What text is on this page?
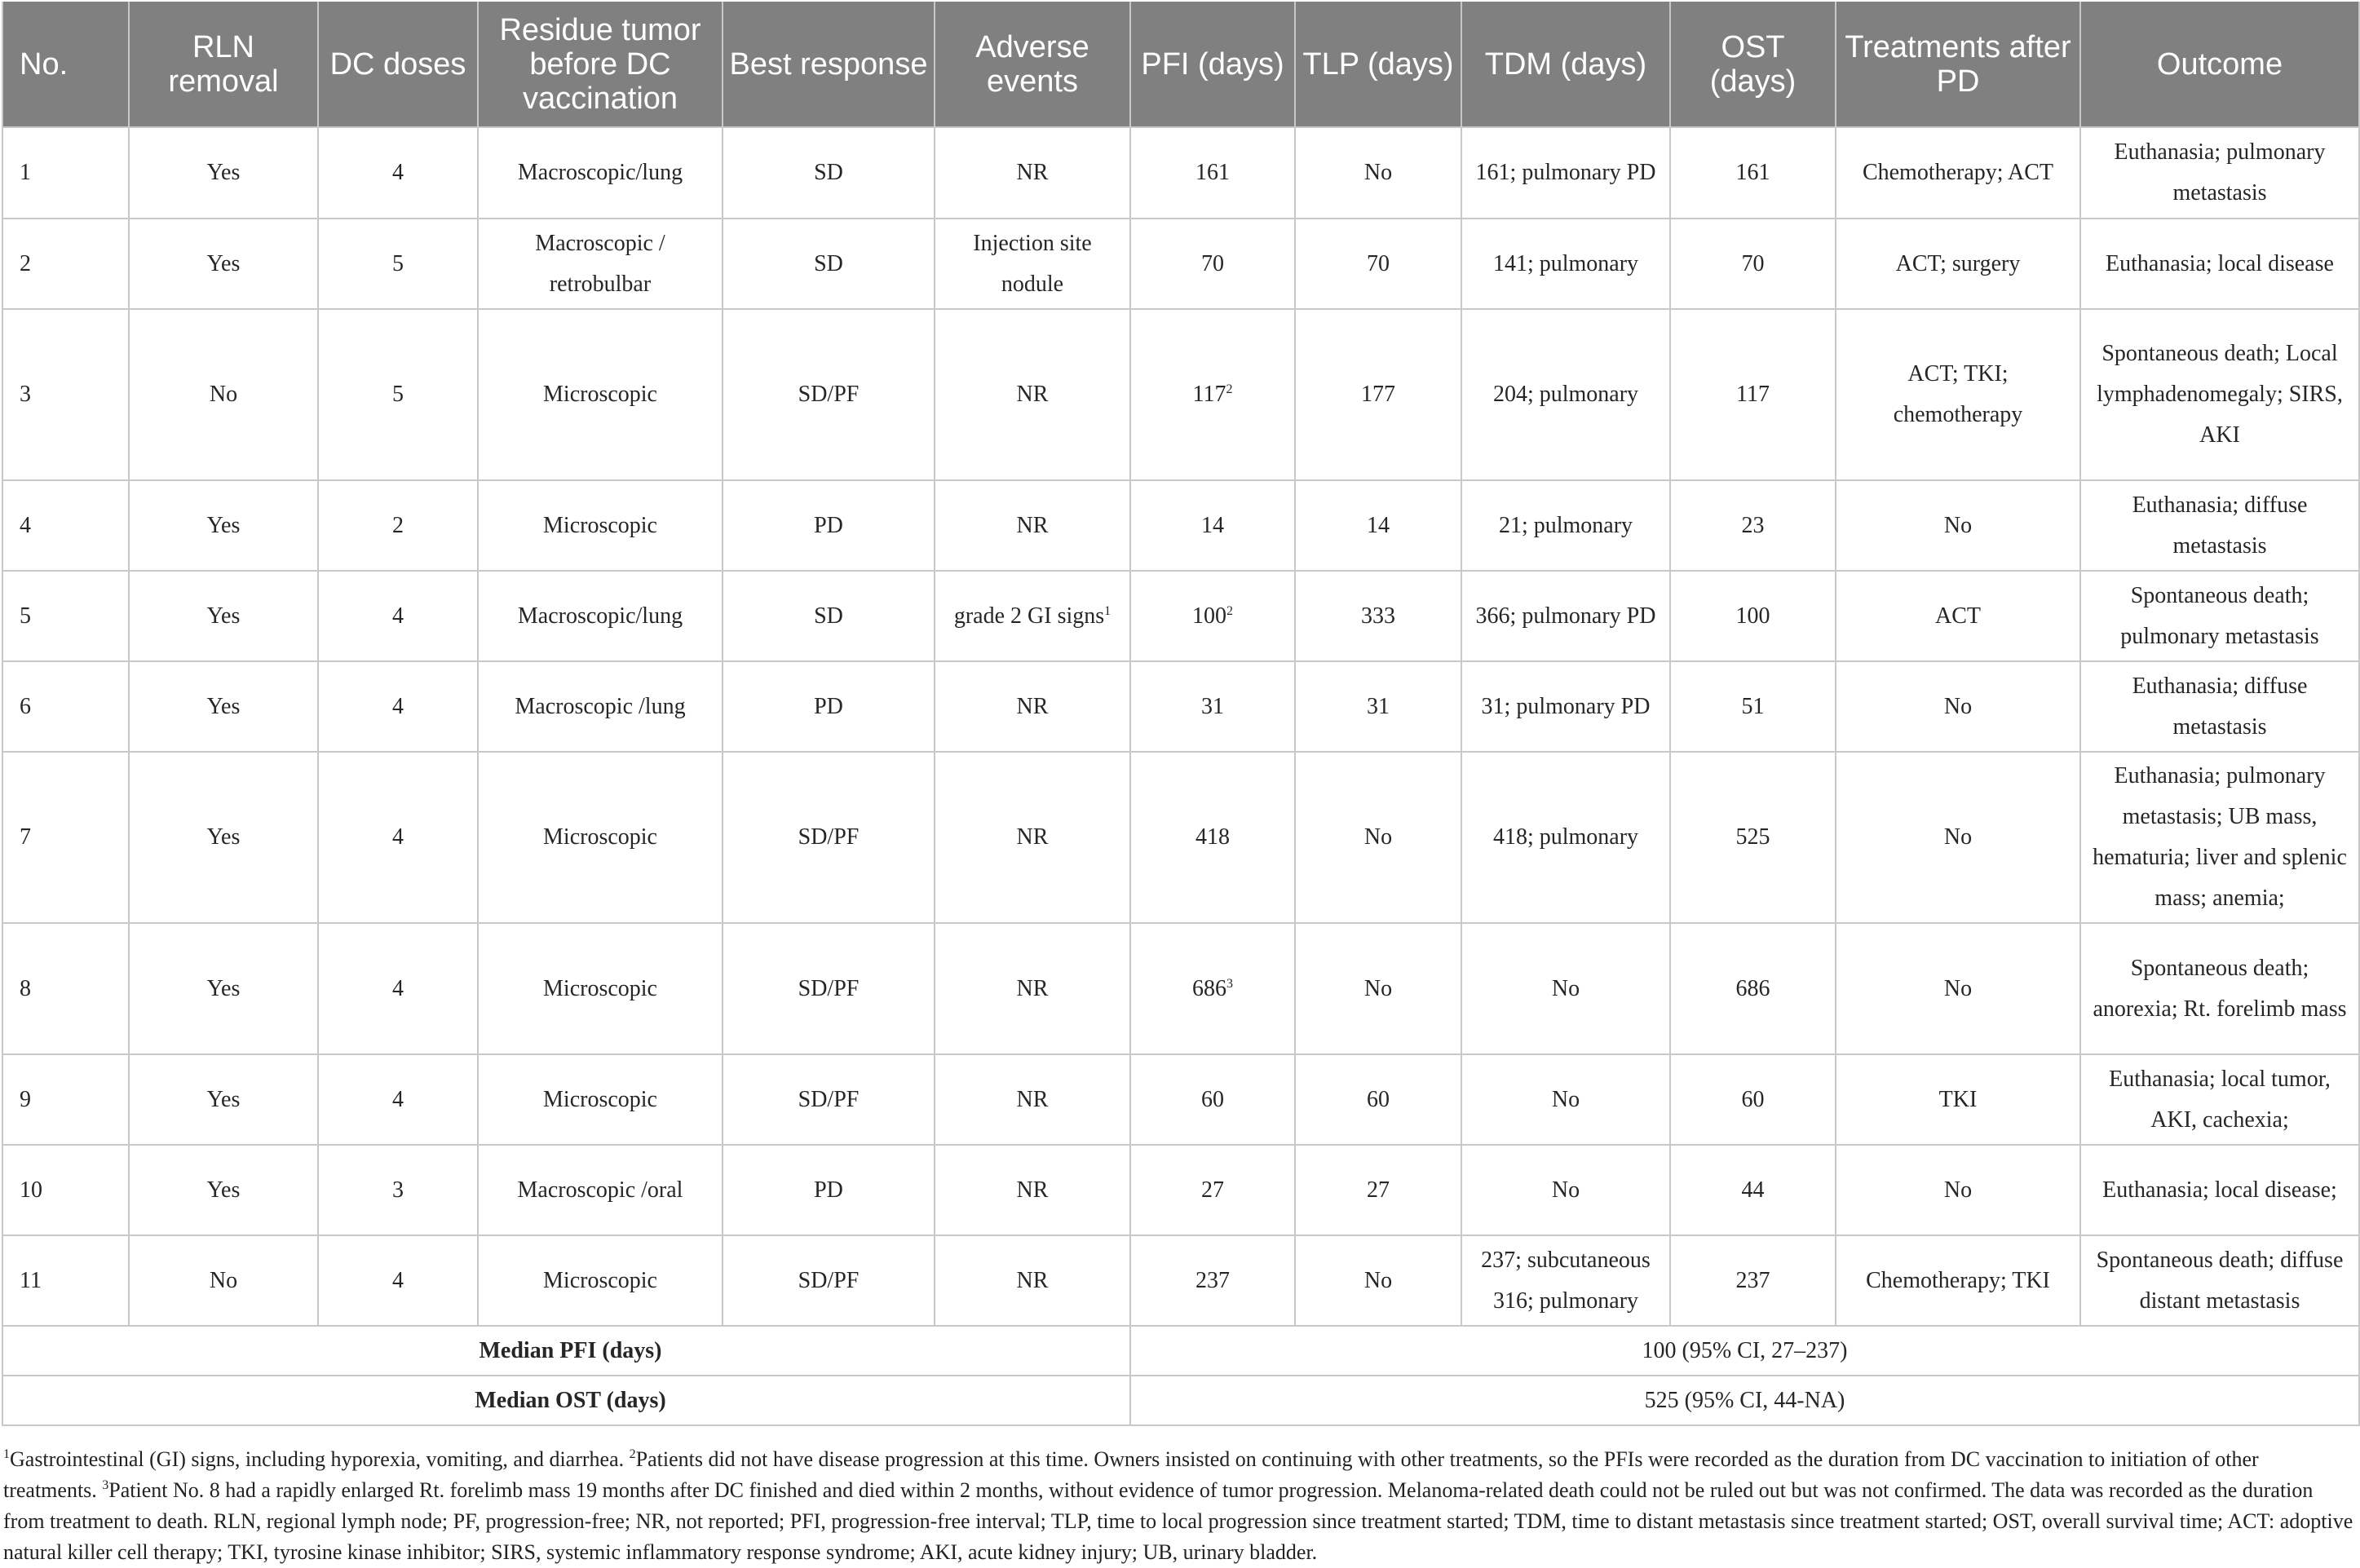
No.	RLN removal	DC doses	Residue tumor before DC vaccination	Best response	Adverse events	PFI (days)	TLP (days)	TDM (days)	OST (days)	Treatments after PD	Outcome
1	Yes	4	Macroscopic/lung	SD	NR	161	No	161; pulmonary PD	161	Chemotherapy; ACT	Euthanasia; pulmonary metastasis
2	Yes	5	Macroscopic / retrobulbar	SD	Injection site nodule	70	70	141; pulmonary	70	ACT; surgery	Euthanasia; local disease
3	No	5	Microscopic	SD/PF	NR	$117^2$	177	204; pulmonary	117	ACT; TKI; chemotherapy	Spontaneous death; Local lymphadenomegaly; SIRS, AKI
4	Yes	2	Microscopic	PD	NR	14	14	21; pulmonary	23	No	Euthanasia; diffuse metastasis
5	Yes	4	Macroscopic/lung	SD	grade 2 GI signs$^1$	$100^2$	333	366; pulmonary PD	100	ACT	Spontaneous death; pulmonary metastasis
6	Yes	4	Macroscopic /lung	PD	NR	31	31	31; pulmonary PD	51	No	Euthanasia; diffuse metastasis
7	Yes	4	Microscopic	SD/PF	NR	418	No	418; pulmonary	525	No	Euthanasia; pulmonary metastasis; UB mass, hematuria; liver and splenic mass; anemia;
8	Yes	4	Microscopic	SD/PF	NR	$686^3$	No	No	686	No	Spontaneous death; anorexia; Rt. forelimb mass
9	Yes	4	Microscopic	SD/PF	NR	60	60	No	60	TKI	Euthanasia; local tumor, AKI, cachexia;
10	Yes	3	Macroscopic /oral	PD	NR	27	27	No	44	No	Euthanasia; local disease;
11	No	4	Microscopic	SD/PF	NR	237	No	237; subcutaneous 316; pulmonary	237	Chemotherapy; TKI	Spontaneous death; diffuse distant metastasis
Median PFI (days)						100 (95% CI, 27–237)					
Median OST (days)						525 (95% CI, 44-NA)					
$^1$Gastrointestinal (GI) signs, including hyporexia, vomiting, and diarrhea. $^2$Patients did not have disease progression at this time. Owners insisted on continuing with other treatments, so the PFIs were recorded as the duration from DC vaccination to initiation of other treatments. $^3$Patient No. 8 had a rapidly enlarged Rt. forelimb mass 19 months after DC finished and died within 2 months, without evidence of tumor progression. Melanoma-related death could not be ruled out but was not confirmed. The data was recorded as the duration from treatment to death. RLN, regional lymph node; PF, progression-free; NR, not reported; PFI, progression-free interval; TLP, time to local progression since treatment started; TDM, time to distant metastasis since treatment started; OST, overall survival time; ACT: adoptive natural killer cell therapy; TKI, tyrosine kinase inhibitor; SIRS, systemic inflammatory response syndrome; AKI, acute kidney injury; UB, urinary bladder.
